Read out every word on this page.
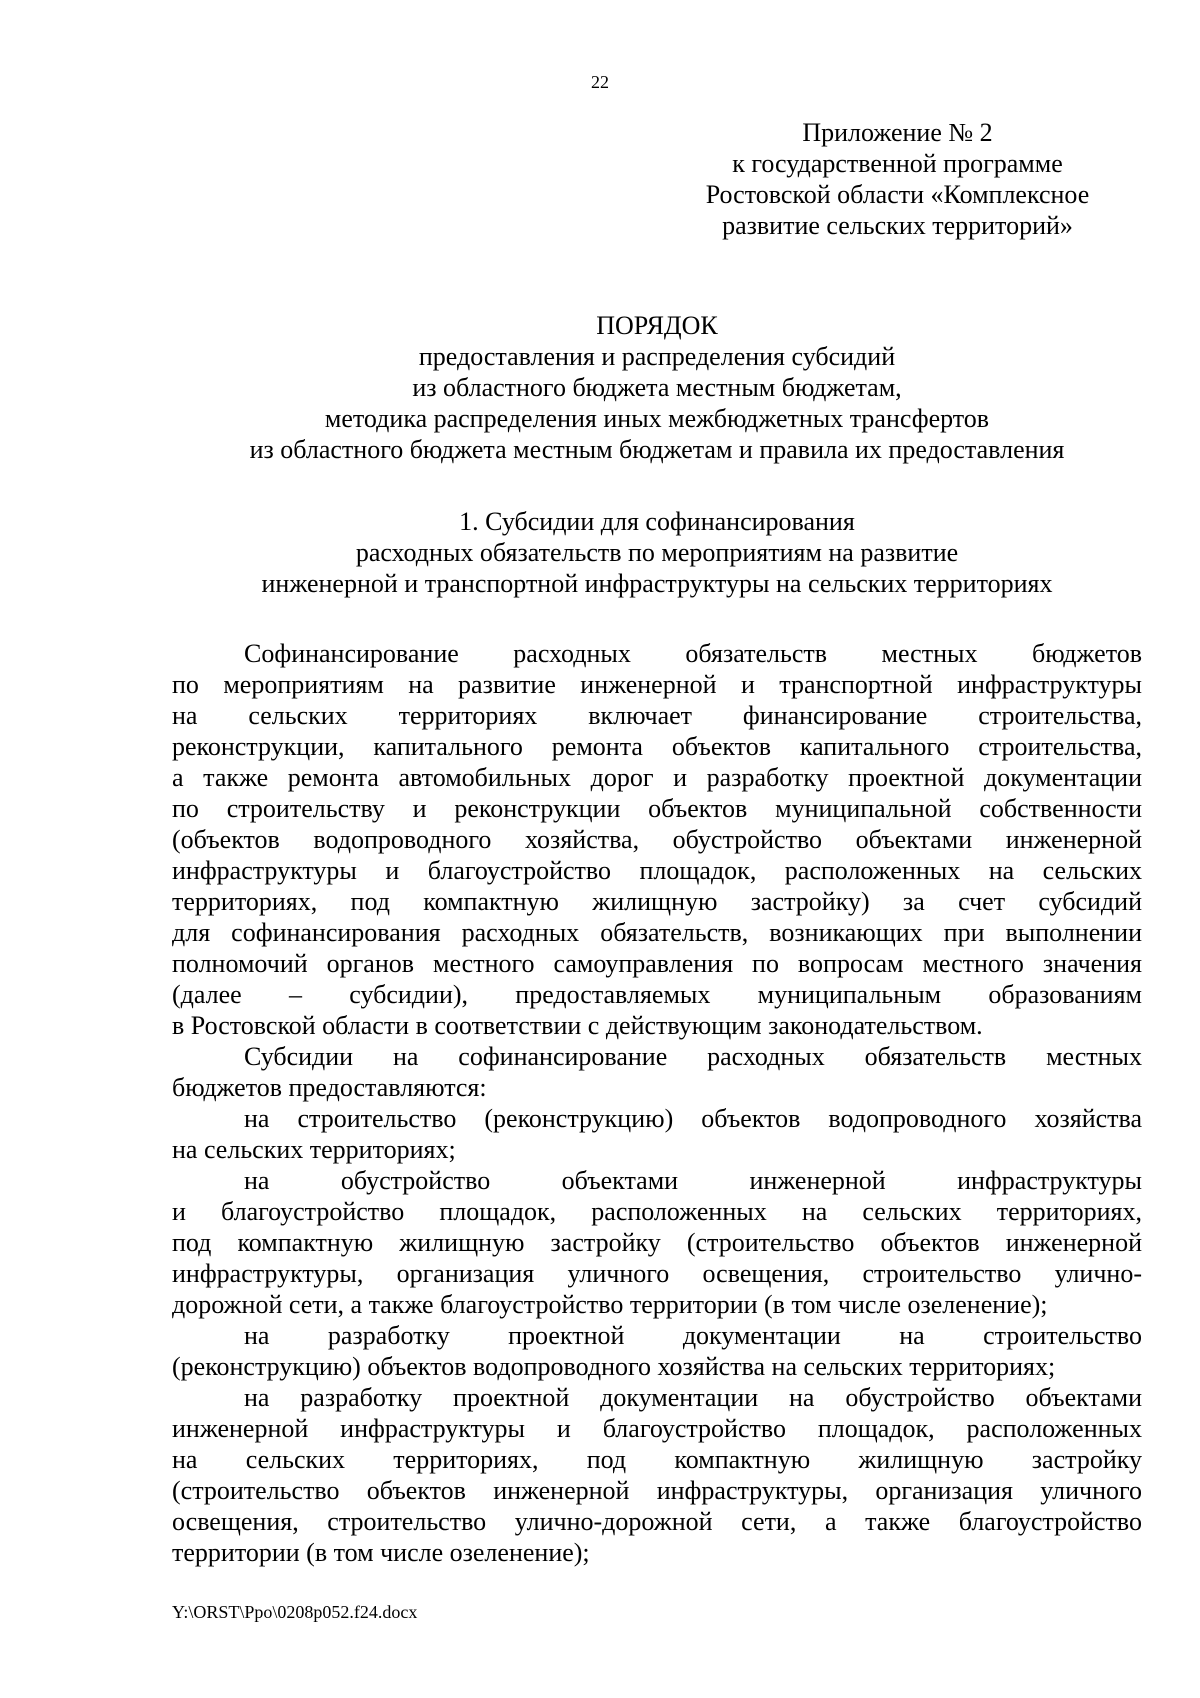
22
Приложение № 2
к государственной программе
Ростовской области «Комплексное
развитие сельских территорий»
ПОРЯДОК
предоставления и распределения субсидий
из областного бюджета местным бюджетам,
методика распределения иных межбюджетных трансфертов
из областного бюджета местным бюджетам и правила их предоставления
1. Субсидии для софинансирования
расходных обязательств по мероприятиям на развитие
инженерной и транспортной инфраструктуры на сельских территориях
Софинансирование расходных обязательств местных бюджетов
по мероприятиям на развитие инженерной и транспортной инфраструктуры
на сельских территориях включает финансирование строительства,
реконструкции, капитального ремонта объектов капитального строительства,
а также ремонта автомобильных дорог и разработку проектной документации
по строительству и реконструкции объектов муниципальной собственности
(объектов водопроводного хозяйства, обустройство объектами инженерной
инфраструктуры и благоустройство площадок, расположенных на сельских
территориях, под компактную жилищную застройку) за счет субсидий
для софинансирования расходных обязательств, возникающих при выполнении
полномочий органов местного самоуправления по вопросам местного значения
(далее – субсидии), предоставляемых муниципальным образованиям
в Ростовской области в соответствии с действующим законодательством.
Субсидии на софинансирование расходных обязательств местных
бюджетов предоставляются:
на строительство (реконструкцию) объектов водопроводного хозяйства
на сельских территориях;
на обустройство объектами инженерной инфраструктуры
и благоустройство площадок, расположенных на сельских территориях,
под компактную жилищную застройку (строительство объектов инженерной
инфраструктуры, организация уличного освещения, строительство улично-
дорожной сети, а также благоустройство территории (в том числе озеленение);
на разработку проектной документации на строительство
(реконструкцию) объектов водопроводного хозяйства на сельских территориях;
на разработку проектной документации на обустройство объектами
инженерной инфраструктуры и благоустройство площадок, расположенных
на сельских территориях, под компактную жилищную застройку
(строительство объектов инженерной инфраструктуры, организация уличного
освещения, строительство улично-дорожной сети, а также благоустройство
территории (в том числе озеленение);
Y:\ORST\Ppo\0208p052.f24.docx
